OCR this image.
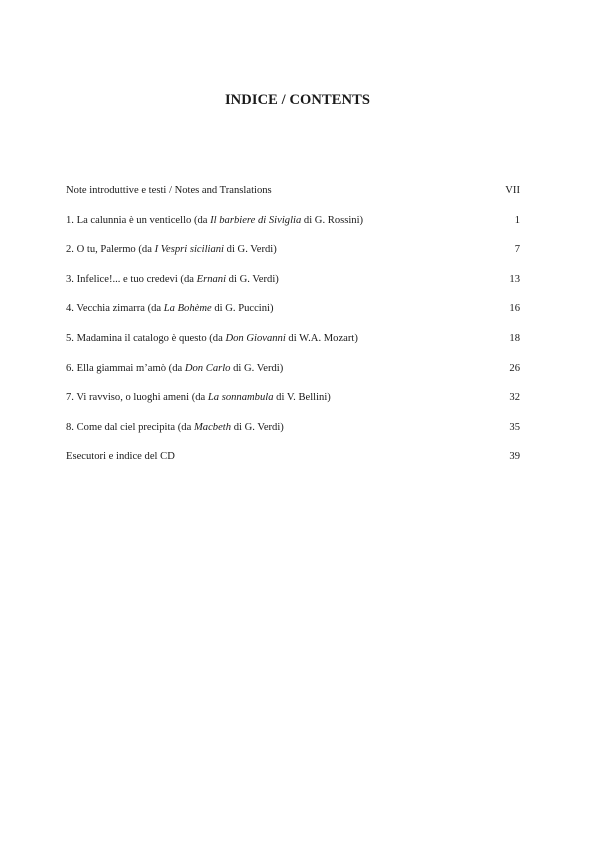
INDICE / CONTENTS
Note introduttive e testi / Notes and Translations	VII
1. La calunnia è un venticello (da Il barbiere di Siviglia di G. Rossini)	1
2. O tu, Palermo (da I Vespri siciliani di G. Verdi)	7
3. Infelice!... e tuo credevi (da Ernani di G. Verdi)	13
4. Vecchia zimarra (da La Bohème di G. Puccini)	16
5. Madamina il catalogo è questo (da Don Giovanni di W.A. Mozart)	18
6. Ella giammai m’amò (da Don Carlo di G. Verdi)	26
7. Vi ravviso, o luoghi ameni (da La sonnambula di V. Bellini)	32
8. Come dal ciel precipita (da Macbeth di G. Verdi)	35
Esecutori e indice del CD	39
